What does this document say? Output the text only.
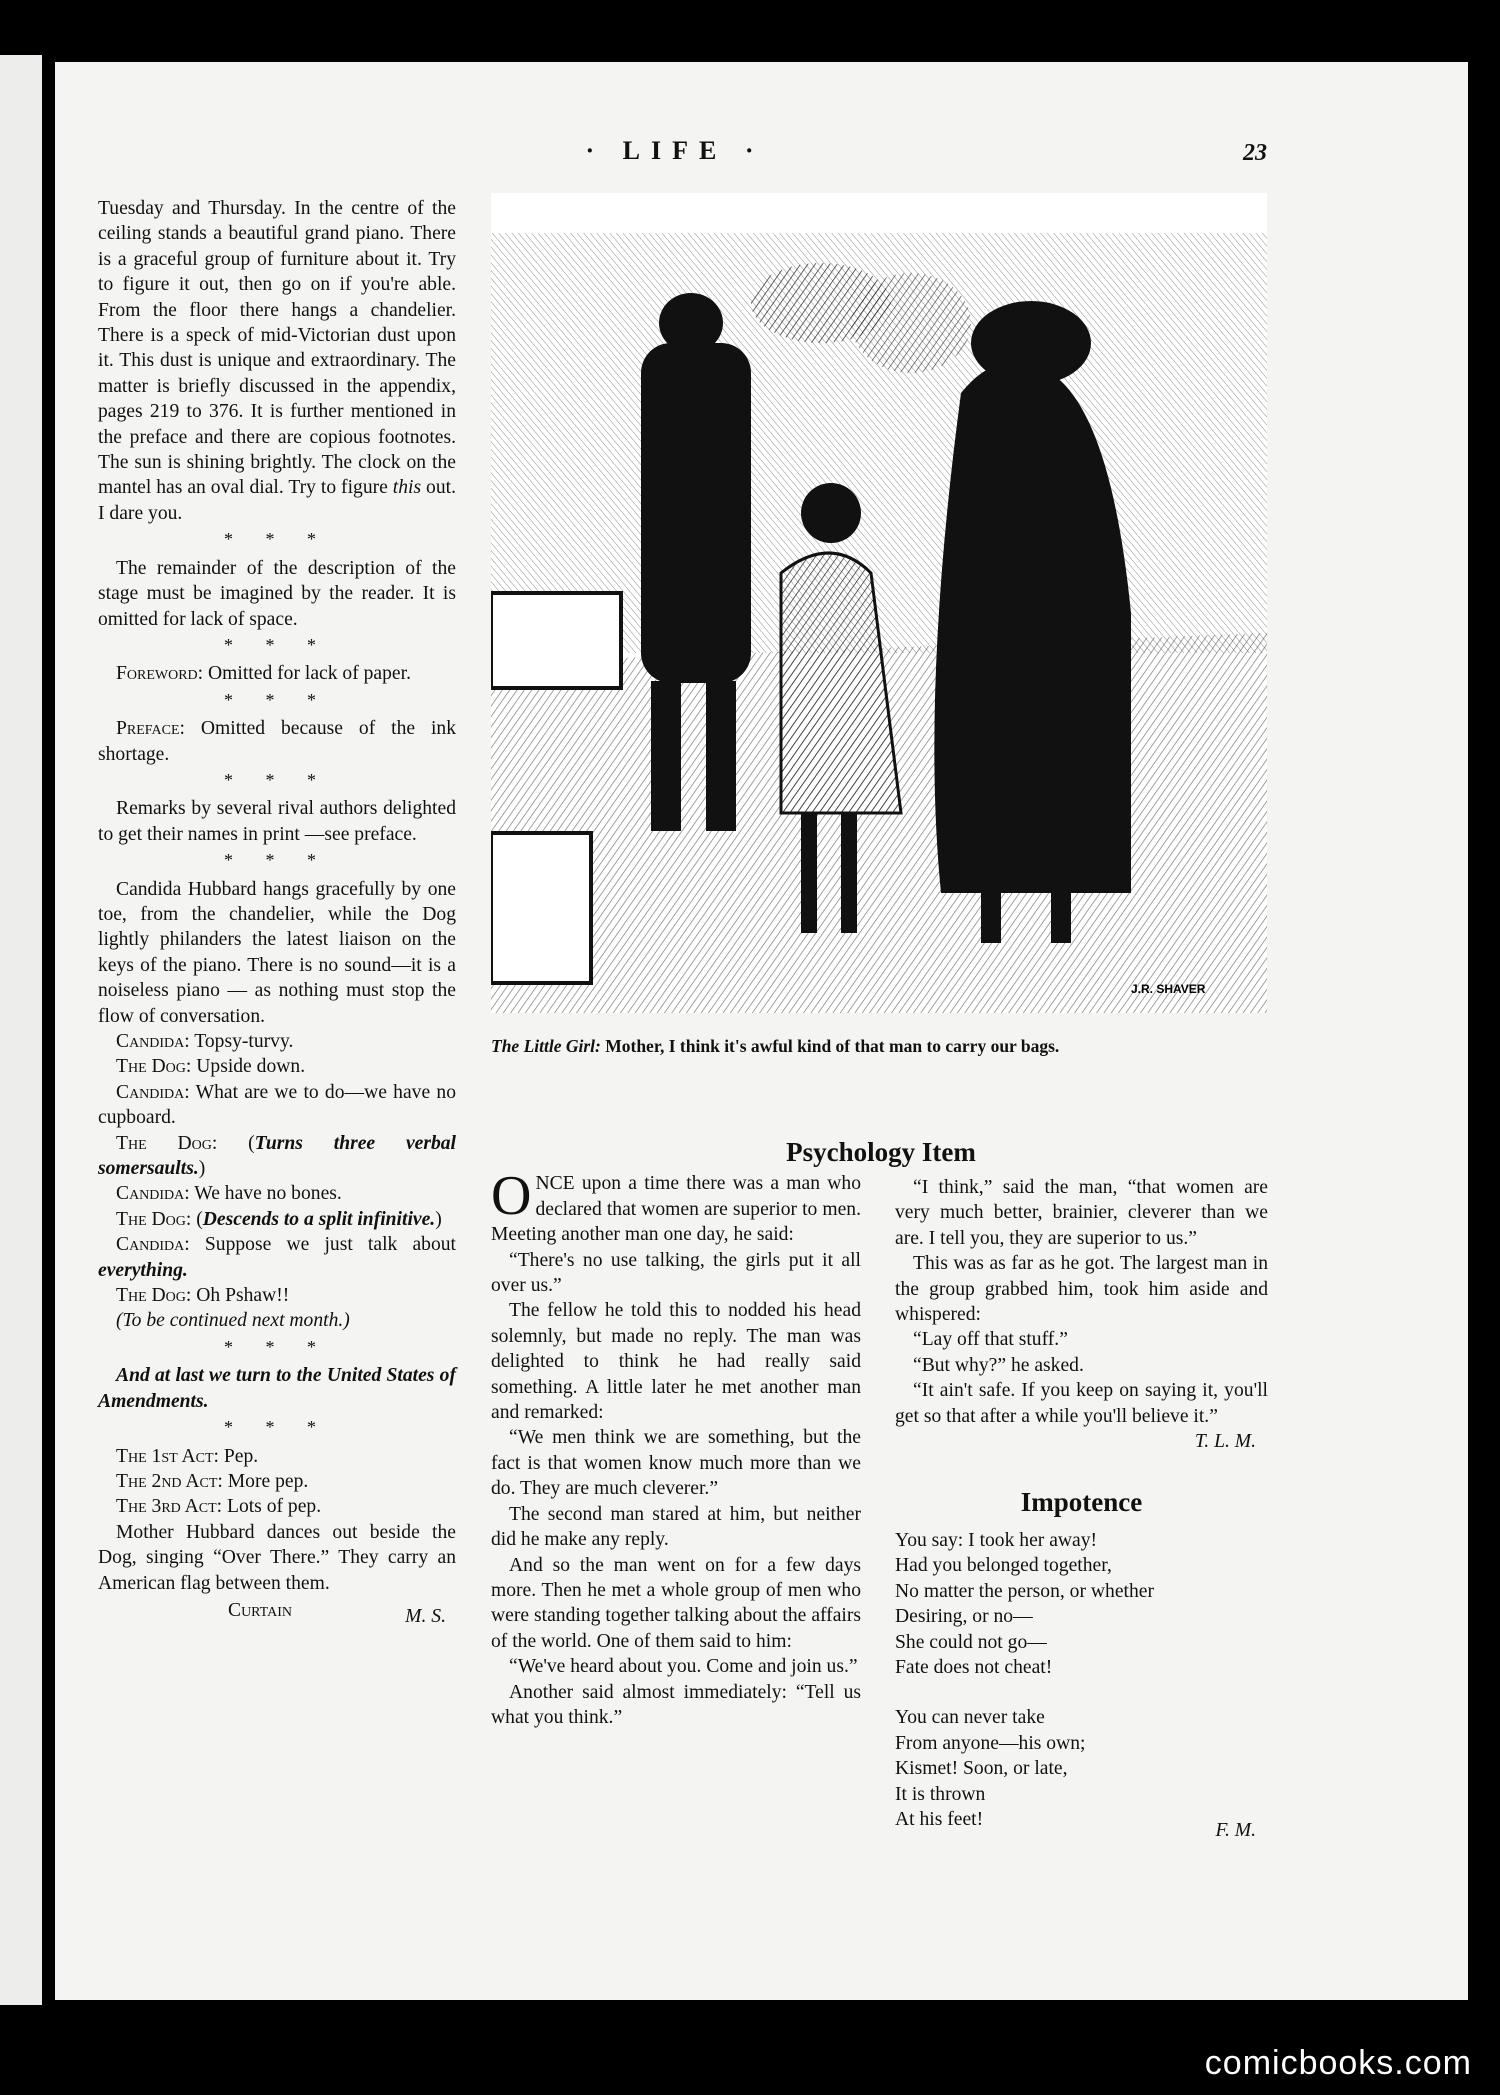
· LIFE ·	23

Tuesday and Thursday. In the centre of the ceiling stands a beautiful grand piano. There is a graceful group of furniture about it. Try to figure it out, then go on if you're able. From the floor there hangs a chandelier. There is a speck of mid-Victorian dust upon it. This dust is unique and extraordinary. The matter is briefly discussed in the appendix, pages 219 to 376. It is further mentioned in the preface and there are copious footnotes. The sun is shining brightly. The clock on the mantel has an oval dial. Try to figure this out. I dare you.

* * *

The remainder of the description of the stage must be imagined by the reader. It is omitted for lack of space.

* * *

Foreword: Omitted for lack of paper.

* * *

Preface: Omitted because of the ink shortage.

* * *

Remarks by several rival authors delighted to get their names in print —see preface.

* * *

Candida Hubbard hangs gracefully by one toe, from the chandelier, while the Dog lightly philanders the latest liaison on the keys of the piano. There is no sound—it is a noiseless piano — as nothing must stop the flow of conversation.

Candida: Topsy-turvy.

The Dog: Upside down.

Candida: What are we to do—we have no cupboard.

The Dog: (Turns three verbal somersaults.)

Candida: We have no bones.

The Dog: (Descends to a split infinitive.)

Candida: Suppose we just talk about everything.

The Dog: Oh Pshaw!!

(To be continued next month.)

* * *

And at last we turn to the United States of Amendments.

* * *

The 1st Act: Pep.

The 2nd Act: More pep.

The 3rd Act: Lots of pep.

Mother Hubbard dances out beside the Dog, singing “Over There.” They carry an American flag between them.

Curtain	M. S.
J.R. SHAVER
The Little Girl: Mother, I think it's awful kind of that man to carry our bags.
Psychology Item

ONCE upon a time there was a man who declared that women are superior to men. Meeting another man one day, he said:

“There's no use talking, the girls put it all over us.”

The fellow he told this to nodded his head solemnly, but made no reply. The man was delighted to think he had really said something. A little later he met another man and remarked:

“We men think we are something, but the fact is that women know much more than we do. They are much cleverer.”

The second man stared at him, but neither did he make any reply.

And so the man went on for a few days more. Then he met a whole group of men who were standing together talking about the affairs of the world. One of them said to him:

“We've heard about you. Come and join us.”

Another said almost immediately: “Tell us what you think.”

“I think,” said the man, “that women are very much better, brainier, cleverer than we are. I tell you, they are superior to us.”

This was as far as he got. The largest man in the group grabbed him, took him aside and whispered:

“Lay off that stuff.”

“But why?” he asked.

“It ain't safe. If you keep on saying it, you'll get so that after a while you'll believe it.”

T. L. M.

Impotence

You say: I took her away!

Had you belonged together,

No matter the person, or whether

Desiring, or no—

She could not go—

Fate does not cheat!

You can never take

From anyone—his own;

Kismet! Soon, or late,

It is thrown

At his feet!

F. M.

comicbooks.com
